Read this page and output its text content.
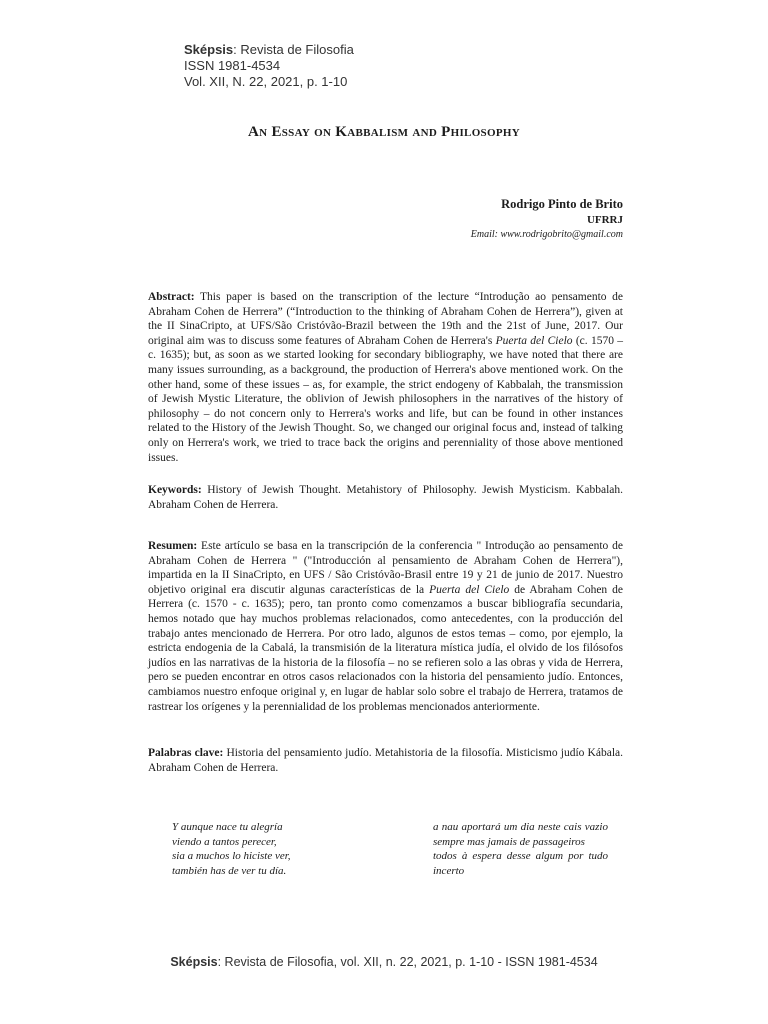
Sképsis: Revista de Filosofia
ISSN 1981-4534
Vol. XII, N. 22, 2021, p. 1-10
An Essay on Kabbalism and Philosophy
Rodrigo Pinto de Brito
UFRRJ
Email: www.rodrigobrito@gmail.com
Abstract: This paper is based on the transcription of the lecture “Introdução ao pensamento de Abraham Cohen de Herrera” (“Introduction to the thinking of Abraham Cohen de Herrera”), given at the II SinaCripto, at UFS/São Cristóvão-Brazil between the 19th and the 21st of June, 2017. Our original aim was to discuss some features of Abraham Cohen de Herrera's Puerta del Cielo (c. 1570 – c. 1635); but, as soon as we started looking for secondary bibliography, we have noted that there are many issues surrounding, as a background, the production of Herrera's above mentioned work. On the other hand, some of these issues – as, for example, the strict endogeny of Kabbalah, the transmission of Jewish Mystic Literature, the oblivion of Jewish philosophers in the narratives of the history of philosophy – do not concern only to Herrera's works and life, but can be found in other instances related to the History of the Jewish Thought. So, we changed our original focus and, instead of talking only on Herrera's work, we tried to trace back the origins and perenniality of those above mentioned issues.
Keywords: History of Jewish Thought. Metahistory of Philosophy. Jewish Mysticism. Kabbalah. Abraham Cohen de Herrera.
Resumen: Este artículo se basa en la transcripción de la conferencia " Introdução ao pensamento de Abraham Cohen de Herrera " ("Introducción al pensamiento de Abraham Cohen de Herrera"), impartida en la II SinaCripto, en UFS / São Cristóvão-Brasil entre 19 y 21 de junio de 2017. Nuestro objetivo original era discutir algunas características de la Puerta del Cielo de Abraham Cohen de Herrera (c. 1570 - c. 1635); pero, tan pronto como comenzamos a buscar bibliografía secundaria, hemos notado que hay muchos problemas relacionados, como antecedentes, con la producción del trabajo antes mencionado de Herrera. Por otro lado, algunos de estos temas – como, por ejemplo, la estricta endogenia de la Cabalá, la transmisión de la literatura mística judía, el olvido de los filósofos judíos en las narrativas de la historia de la filosofía – no se refieren solo a las obras y vida de Herrera, pero se pueden encontrar en otros casos relacionados con la historia del pensamiento judío. Entonces, cambiamos nuestro enfoque original y, en lugar de hablar solo sobre el trabajo de Herrera, tratamos de rastrear los orígenes y la perennialidad de los problemas mencionados anteriormente.
Palabras clave: Historia del pensamiento judío. Metahistoria de la filosofía. Misticismo judío Kábala. Abraham Cohen de Herrera.
Y aunque nace tu alegría
viendo a tantos perecer,
sia a muchos lo hiciste ver,
también has de ver tu día.
a nau aportará um dia neste cais vazio sempre mas jamais de passageiros
todos à espera desse algum por tudo incerto
Sképsis: Revista de Filosofia, vol. XII, n. 22, 2021, p. 1-10 - ISSN 1981-4534
